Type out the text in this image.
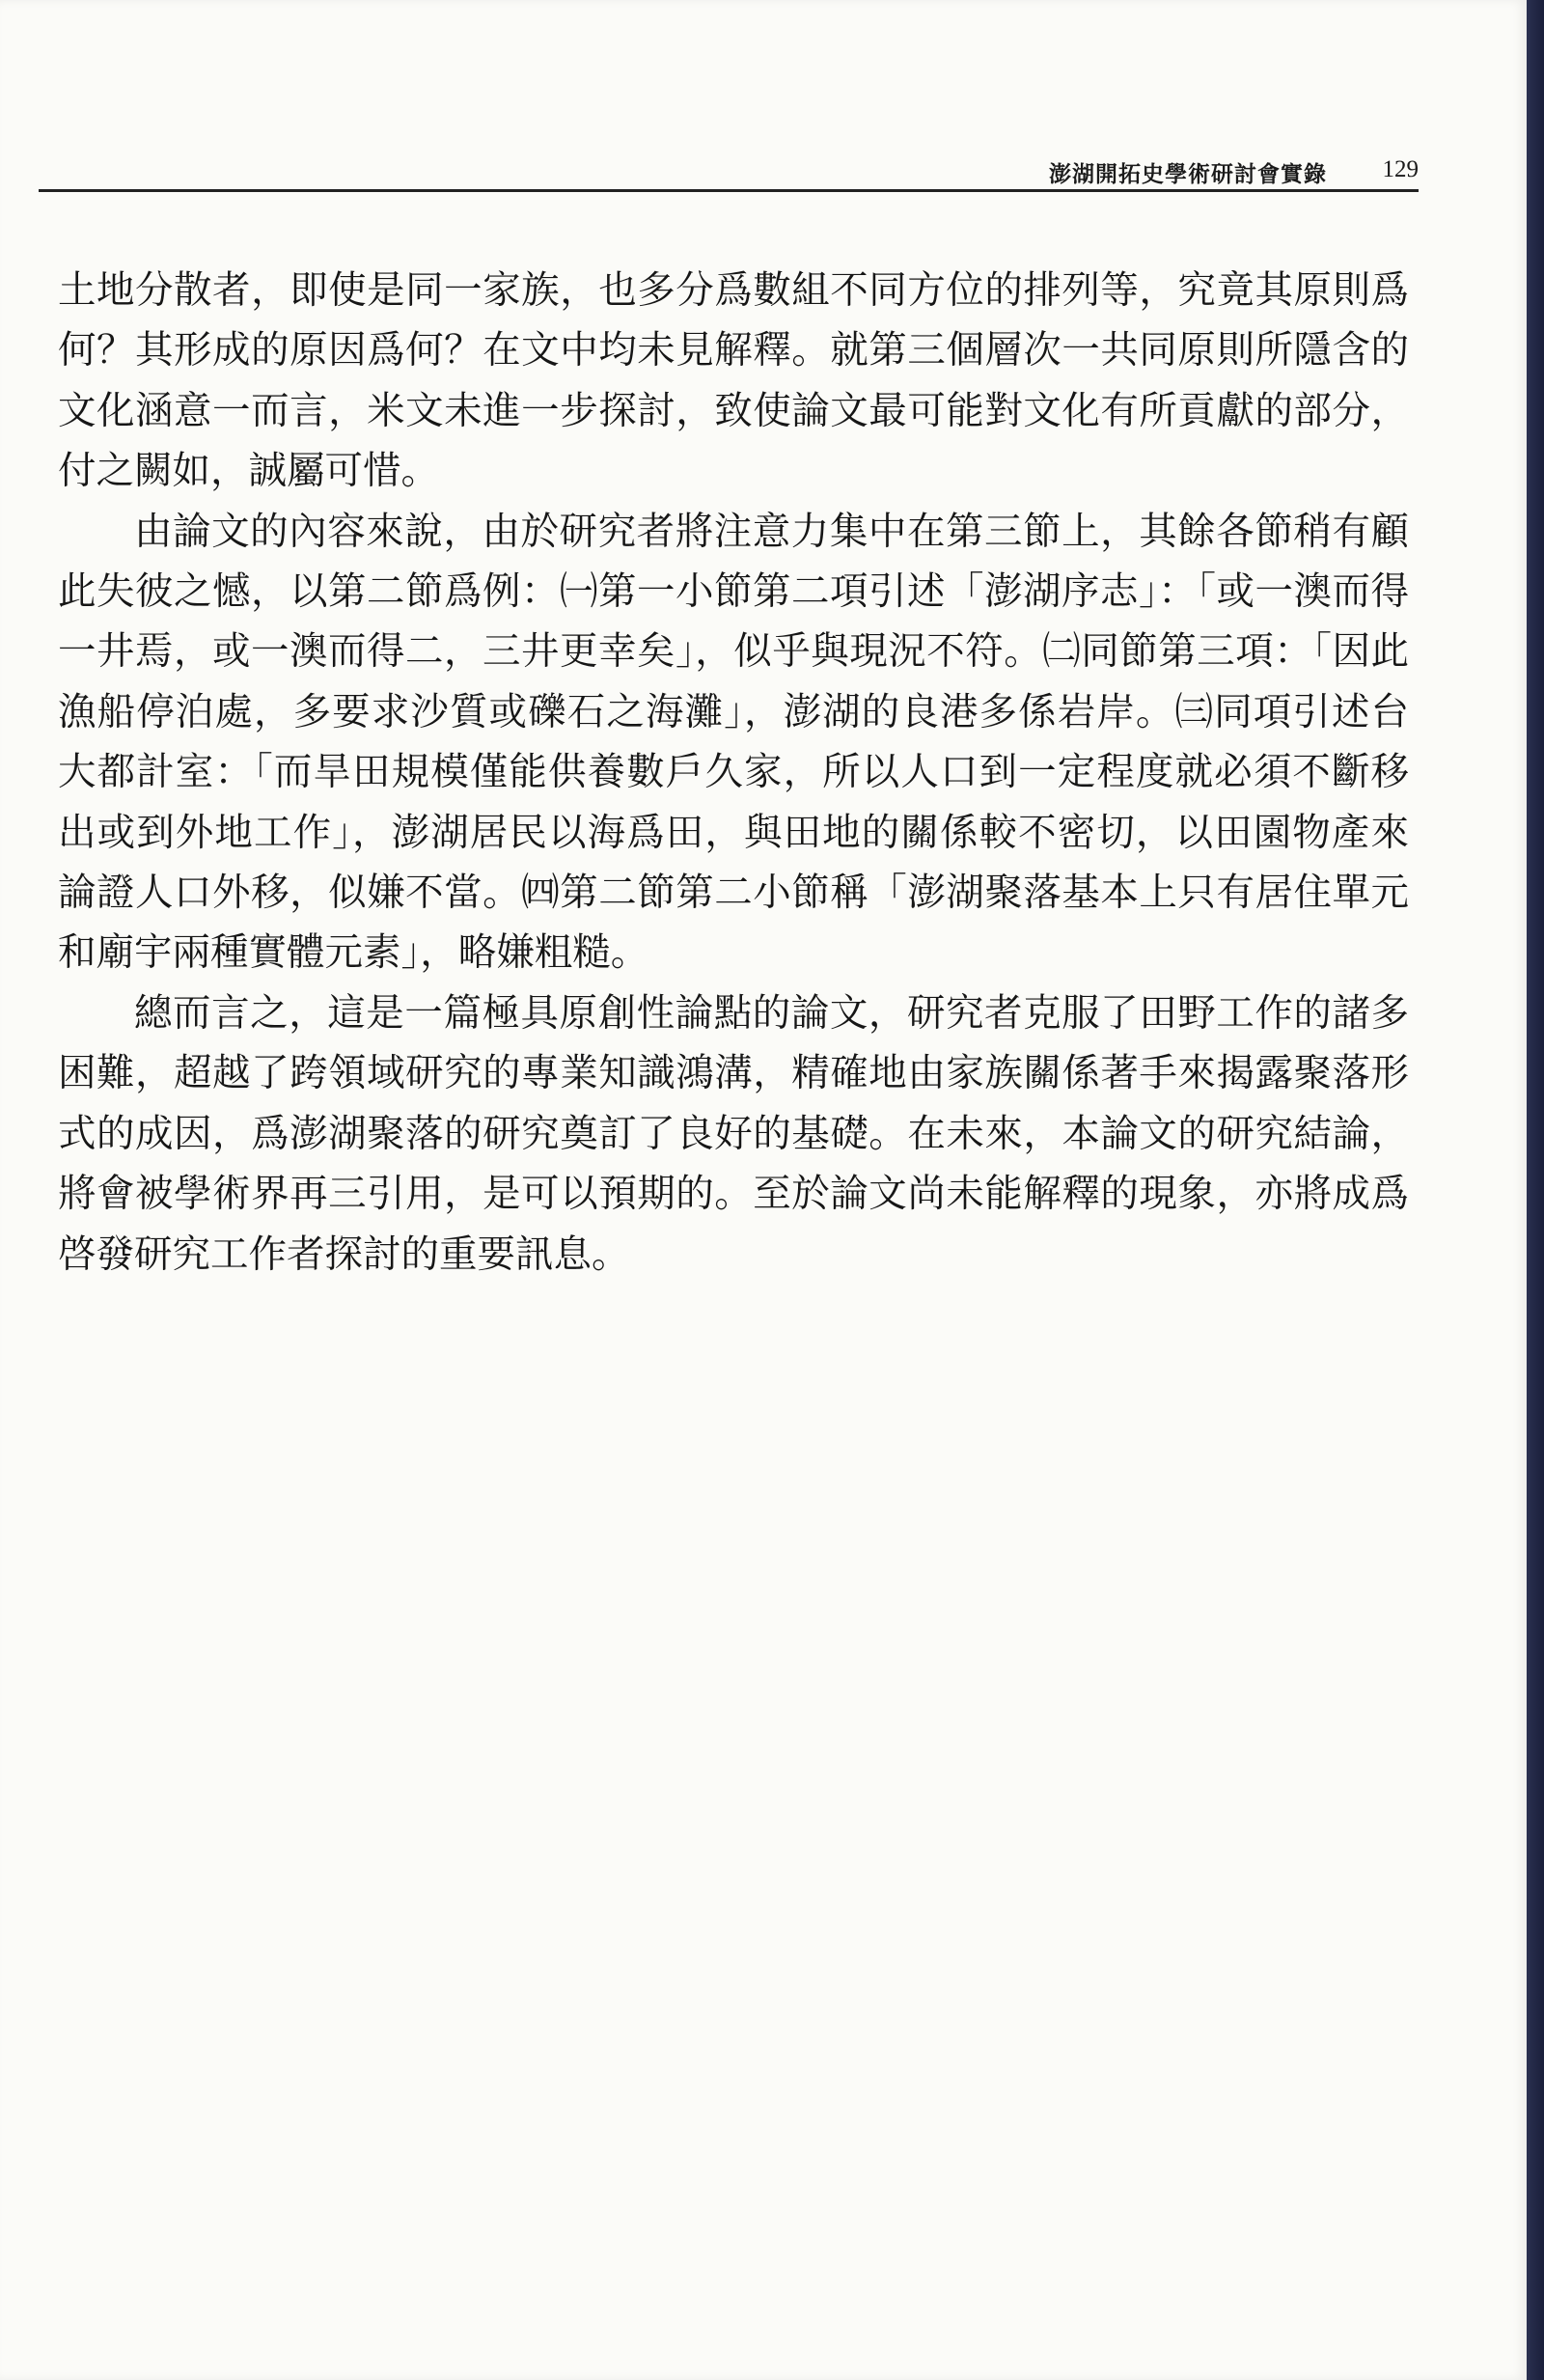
澎湖開拓史學術研討會實錄 129

土地分散者，即使是同一家族，也多分爲數組不同方位的排列等，究竟其原則爲何？其形成的原因爲何？在文中均未見解釋。就第三個層次一共同原則所隱含的文化涵意一而言，米文未進一步探討，致使論文最可能對文化有所貢獻的部分，付之闕如，誠屬可惜。

由論文的內容來說，由於研究者將注意力集中在第三節上，其餘各節稍有顧此失彼之憾，以第二節爲例：㈠第一小節第二項引述「澎湖序志」：「或一澳而得一井焉，或一澳而得二，三井更幸矣」，似乎與現況不符。㈡同節第三項：「因此漁船停泊處，多要求沙質或礫石之海灘」，澎湖的良港多係岩岸。㈢同項引述台大都計室：「而旱田規模僅能供養數戶久家，所以人口到一定程度就必須不斷移出或到外地工作」，澎湖居民以海爲田，與田地的關係較不密切，以田園物產來論證人口外移，似嫌不當。㈣第二節第二小節稱「澎湖聚落基本上只有居住單元和廟宇兩種實體元素」，略嫌粗糙。

總而言之，這是一篇極具原創性論點的論文，研究者克服了田野工作的諸多困難，超越了跨領域研究的專業知識鴻溝，精確地由家族關係著手來揭露聚落形式的成因，爲澎湖聚落的研究奠訂了良好的基礎。在未來，本論文的研究結論，將會被學術界再三引用，是可以預期的。至於論文尚未能解釋的現象，亦將成爲啓發研究工作者探討的重要訊息。
